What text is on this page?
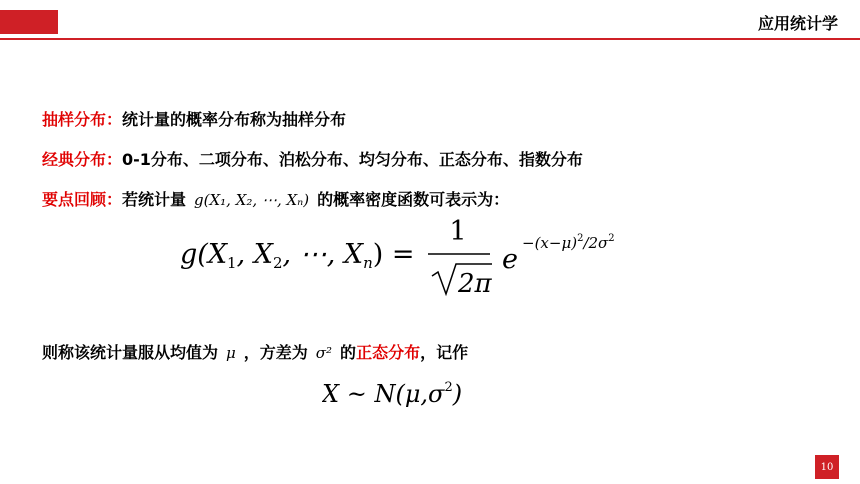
应用统计学
抽样分布：统计量的概率分布称为抽样分布
经典分布：0-1分布、二项分布、泊松分布、均匀分布、正态分布、指数分布
要点回顾：若统计量 g(X₁, X₂, ⋯, Xₙ) 的概率密度函数可表示为：
g(X1, X2, ⋯, Xn) =
1
2π
e
$-(x-\mu)^2/2\sigma^2$
则称该统计量服从均值为 μ ，方差为 σ² 的正态分布，记作
X ~ $N(\mu,\sigma^2)$
10
